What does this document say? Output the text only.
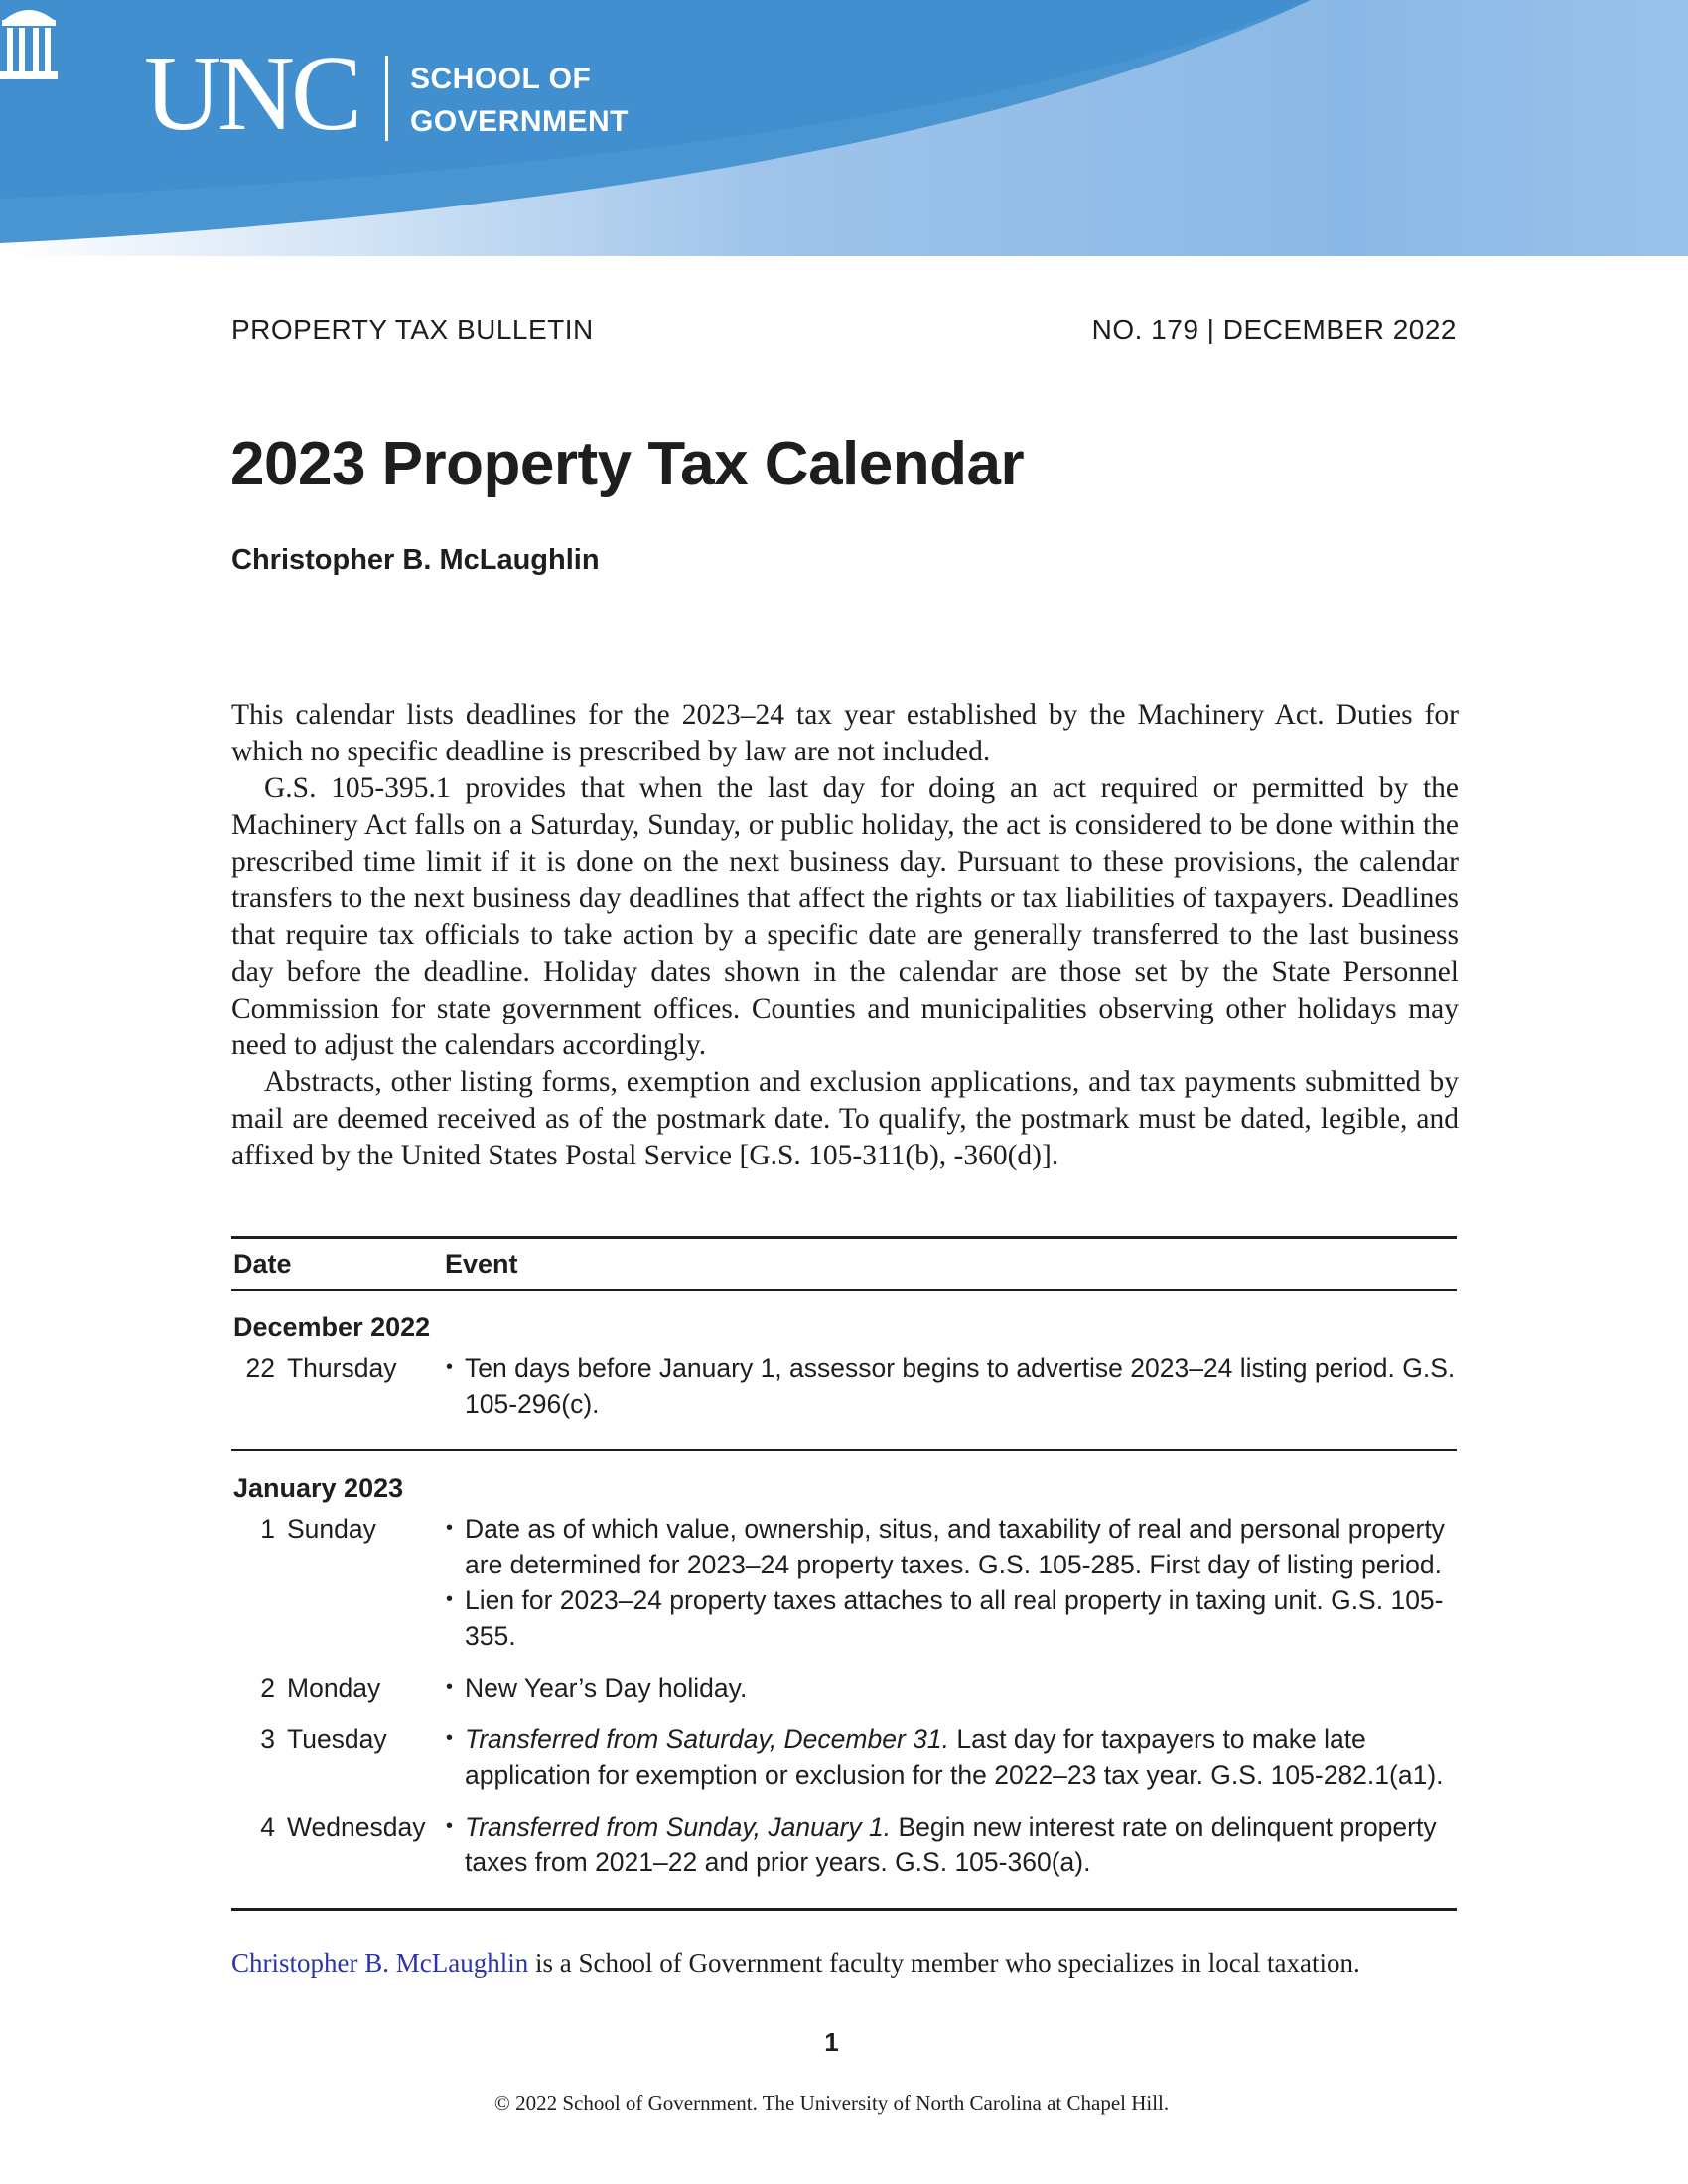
UNC SCHOOL OF
GOVERNMENT
PROPERTY TAX BULLETIN	NO. 179 | DECEMBER 2022
2023 Property Tax Calendar
Christopher B. McLaughlin

This calendar lists deadlines for the 2023–24 tax year established by the Machinery Act. Duties for which no specific deadline is prescribed by law are not included.

G.S. 105-395.1 provides that when the last day for doing an act required or permitted by the Machinery Act falls on a Saturday, Sunday, or public holiday, the act is considered to be done within the prescribed time limit if it is done on the next business day. Pursuant to these provisions, the calendar transfers to the next business day deadlines that affect the rights or tax liabilities of taxpayers. Deadlines that require tax officials to take action by a specific date are generally transferred to the last business day before the deadline. Holiday dates shown in the calendar are those set by the State Personnel Commission for state government offices. Counties and municipalities observing other holidays may need to adjust the calendars accordingly.

Abstracts, other listing forms, exemption and exclusion applications, and tax payments submitted by mail are deemed received as of the postmark date. To qualify, the postmark must be dated, legible, and affixed by the United States Postal Service [G.S. 105-311(b), -360(d)].

Date	Event
December 2022
22 Thursday	• Ten days before January 1, assessor begins to advertise 2023–24 listing period. G.S. 105-296(c).
January 2023
1 Sunday	• Date as of which value, ownership, situs, and taxability of real and personal property are determined for 2023–24 property taxes. G.S. 105-285. First day of listing period.
• Lien for 2023–24 property taxes attaches to all real property in taxing unit. G.S. 105-355.
2 Monday	• New Year’s Day holiday.
3 Tuesday	• Transferred from Saturday, December 31. Last day for taxpayers to make late application for exemption or exclusion for the 2022–23 tax year. G.S. 105-282.1(a1).
4 Wednesday	• Transferred from Sunday, January 1. Begin new interest rate on delinquent property taxes from 2021–22 and prior years. G.S. 105-360(a).
Christopher B. McLaughlin is a School of Government faculty member who specializes in local taxation.
1
© 2022 School of Government. The University of North Carolina at Chapel Hill.
